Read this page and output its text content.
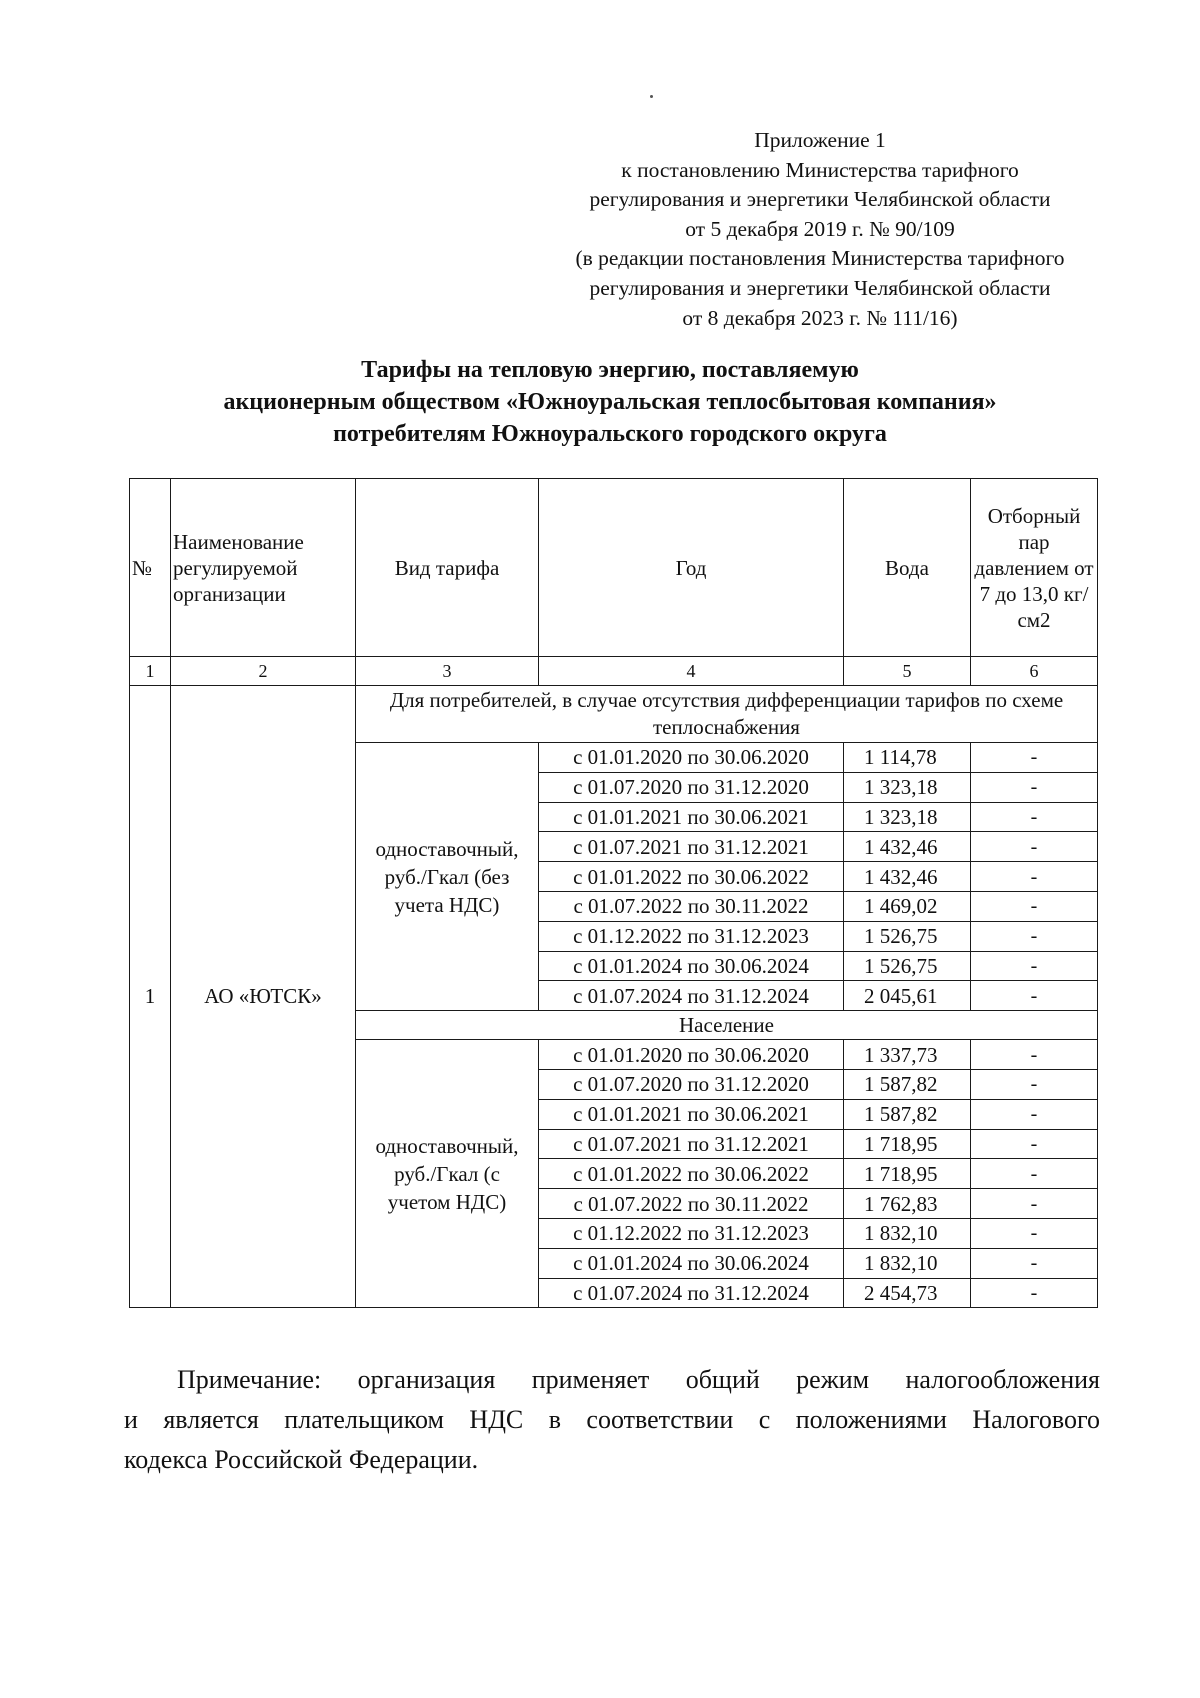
Приложение 1
к постановлению Министерства тарифного
регулирования и энергетики Челябинской области
от 5 декабря 2019 г. № 90/109
(в редакции постановления Министерства тарифного
регулирования и энергетики Челябинской области
от 8 декабря 2023 г. № 111/16)
Тарифы на тепловую энергию, поставляемую
акционерным обществом «Южноуральская теплосбытовая компания»
потребителям Южноуральского городского округа
№	Наименование регулируемой организации	Вид тарифа	Год	Вода	Отборный пар давлением от 7 до 13,0 кг/см2
1	2	3	4	5	6
1	АО «ЮТСК»	Для потребителей, в случае отсутствия дифференциации тарифов по схеме теплоснабжения			
		одноставочный, руб./Гкал (без учета НДС)	с 01.01.2020 по 30.06.2020	1 114,78	-
			с 01.07.2020 по 31.12.2020	1 323,18	-
			с 01.01.2021 по 30.06.2021	1 323,18	-
			с 01.07.2021 по 31.12.2021	1 432,46	-
			с 01.01.2022 по 30.06.2022	1 432,46	-
			с 01.07.2022 по 30.11.2022	1 469,02	-
			с 01.12.2022 по 31.12.2023	1 526,75	-
			с 01.01.2024 по 30.06.2024	1 526,75	-
			с 01.07.2024 по 31.12.2024	2 045,61	-
		Население			
		одноставочный, руб./Гкал (с учетом НДС)	с 01.01.2020 по 30.06.2020	1 337,73	-
			с 01.07.2020 по 31.12.2020	1 587,82	-
			с 01.01.2021 по 30.06.2021	1 587,82	-
			с 01.07.2021 по 31.12.2021	1 718,95	-
			с 01.01.2022 по 30.06.2022	1 718,95	-
			с 01.07.2022 по 30.11.2022	1 762,83	-
			с 01.12.2022 по 31.12.2023	1 832,10	-
			с 01.01.2024 по 30.06.2024	1 832,10	-
			с 01.07.2024 по 31.12.2024	2 454,73	-
Примечание: организация применяет общий режим налогообложения
и является плательщиком НДС в соответствии с положениями Налогового
кодекса Российской Федерации.
